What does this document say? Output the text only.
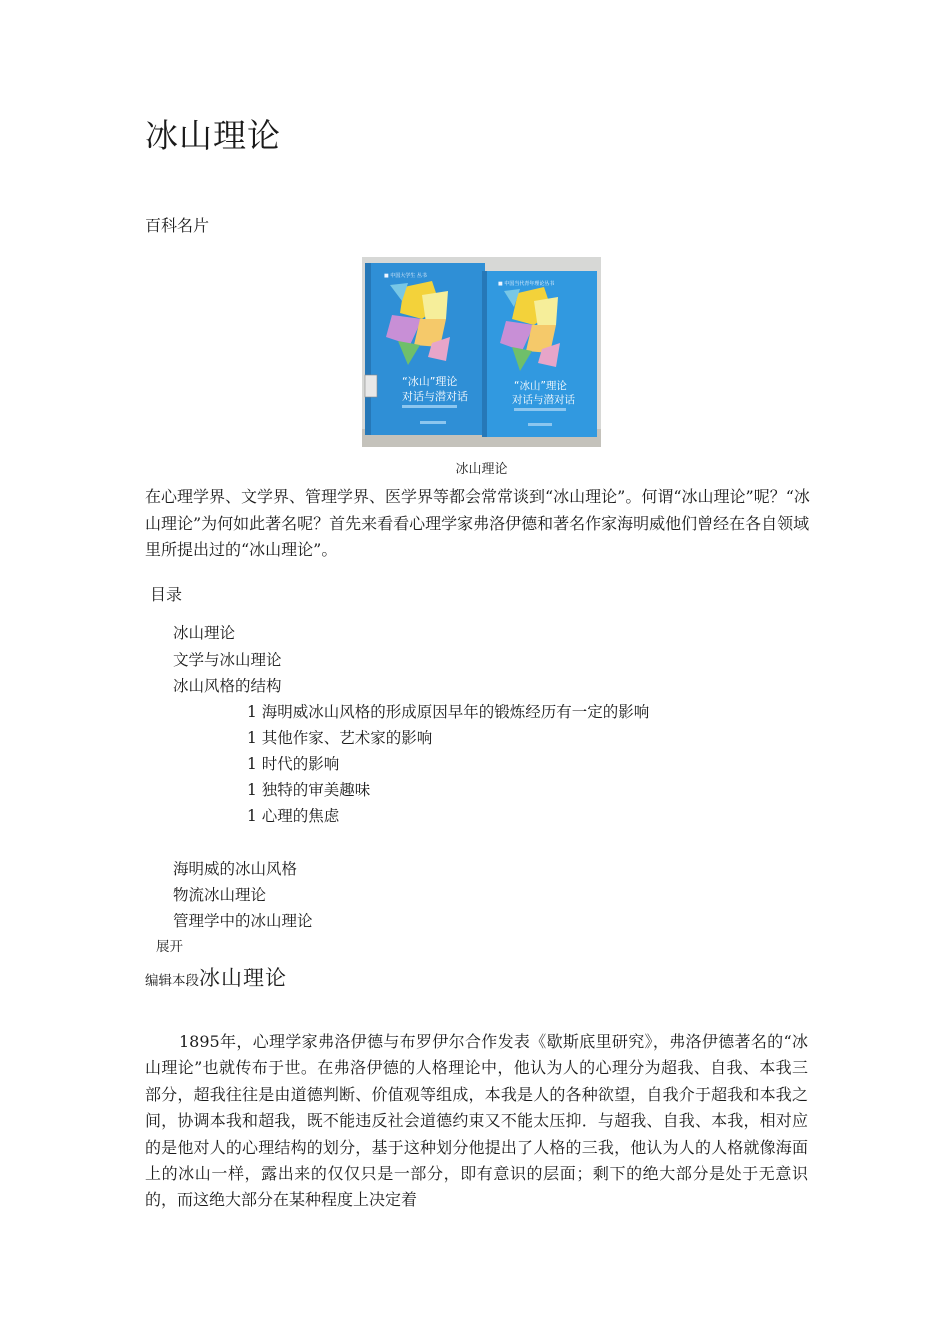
冰山理论
百科名片
■ 中国大学生 丛书
“冰山”理论
对话与潜对话
■ 中国当代青年理论丛书
“冰山”理论
对话与潜对话
冰山理论
在心理学界、文学界、管理学界、医学界等都会常常谈到“冰山理论”。何谓“冰山理论”呢？“冰山理论”为何如此著名呢？首先来看看心理学家弗洛伊德和著名作家海明威他们曾经在各自领域里所提出过的“冰山理论”。
目录
冰山理论
文学与冰山理论
冰山风格的结构
1 海明威冰山风格的形成原因早年的锻炼经历有一定的影响
1 其他作家、艺术家的影响
1 时代的影响
1 独特的审美趣味
1 心理的焦虑
海明威的冰山风格
物流冰山理论
管理学中的冰山理论
展开
编辑本段冰山理论
1895年，心理学家弗洛伊德与布罗伊尔合作发表《歇斯底里研究》，弗洛伊德著名的“冰山理论”也就传布于世。在弗洛伊德的人格理论中，他认为人的心理分为超我、自我、本我三部分，超我往往是由道德判断、价值观等组成，本我是人的各种欲望，自我介于超我和本我之间，协调本我和超我，既不能违反社会道德约束又不能太压抑．与超我、自我、本我，相对应的是他对人的心理结构的划分，基于这种划分他提出了人格的三我，他认为人的人格就像海面上的冰山一样，露出来的仅仅只是一部分，即有意识的层面；剩下的绝大部分是处于无意识的，而这绝大部分在某种程度上决定着
